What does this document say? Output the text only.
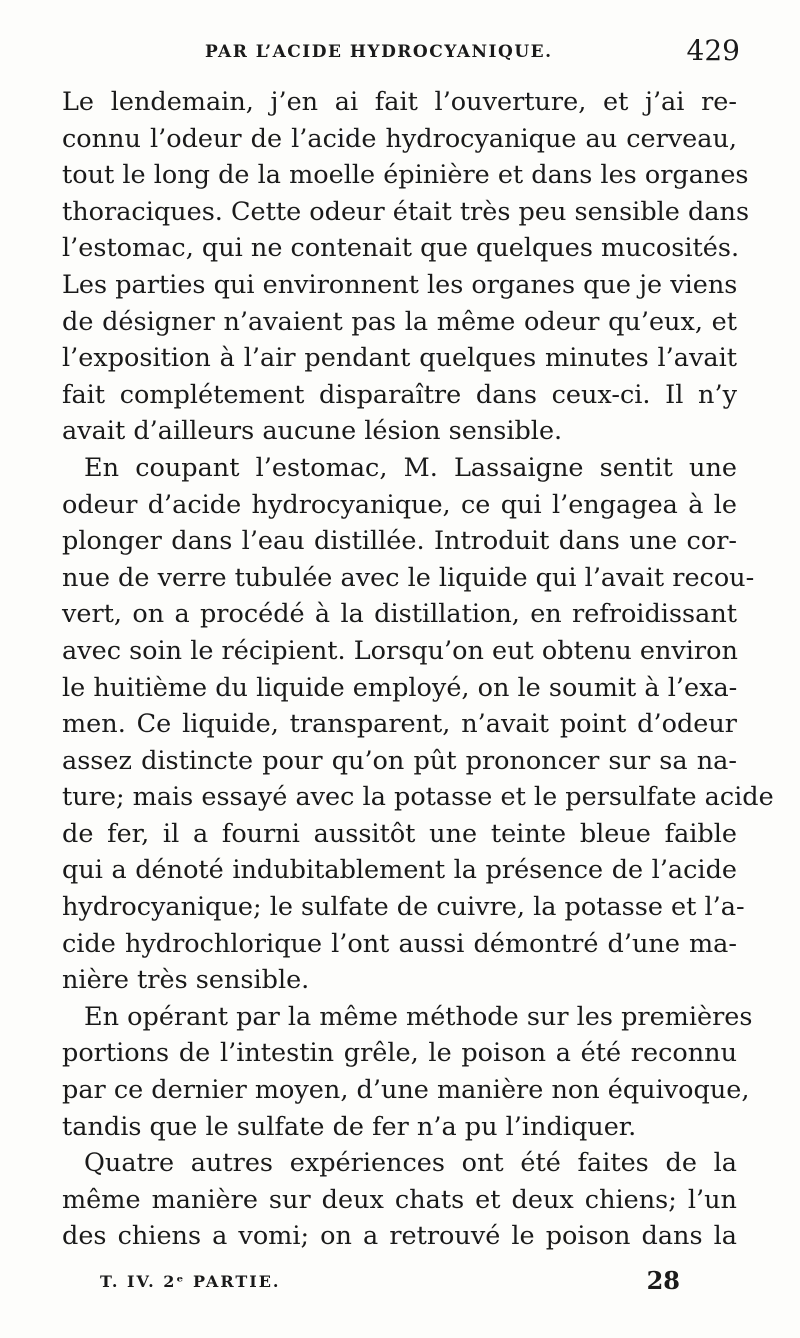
PAR L’ACIDE HYDROCYANIQUE.	429
Le lendemain, j’en ai fait l’ouverture, et j’ai re-
connu l’odeur de l’acide hydrocyanique au cerveau,
tout le long de la moelle épinière et dans les organes
thoraciques. Cette odeur était très peu sensible dans
l’estomac, qui ne contenait que quelques mucosités.
Les parties qui environnent les organes que je viens
de désigner n’avaient pas la même odeur qu’eux, et
l’exposition à l’air pendant quelques minutes l’avait
fait complétement disparaître dans ceux-ci. Il n’y
avait d’ailleurs aucune lésion sensible.
En coupant l’estomac, M. Lassaigne sentit une
odeur d’acide hydrocyanique, ce qui l’engagea à le
plonger dans l’eau distillée. Introduit dans une cor-
nue de verre tubulée avec le liquide qui l’avait recou-
vert, on a procédé à la distillation, en refroidissant
avec soin le récipient. Lorsqu’on eut obtenu environ
le huitième du liquide employé, on le soumit à l’exa-
men. Ce liquide, transparent, n’avait point d’odeur
assez distincte pour qu’on pût prononcer sur sa na-
ture; mais essayé avec la potasse et le persulfate acide
de fer, il a fourni aussitôt une teinte bleue faible
qui a dénoté indubitablement la présence de l’acide
hydrocyanique; le sulfate de cuivre, la potasse et l’a-
cide hydrochlorique l’ont aussi démontré d’une ma-
nière très sensible.
En opérant par la même méthode sur les premières
portions de l’intestin grêle, le poison a été reconnu
par ce dernier moyen, d’une manière non équivoque,
tandis que le sulfate de fer n’a pu l’indiquer.
Quatre autres expériences ont été faites de la
même manière sur deux chats et deux chiens; l’un
des chiens a vomi; on a retrouvé le poison dans la
T. IV. 2ᵉ PARTIE.	28
